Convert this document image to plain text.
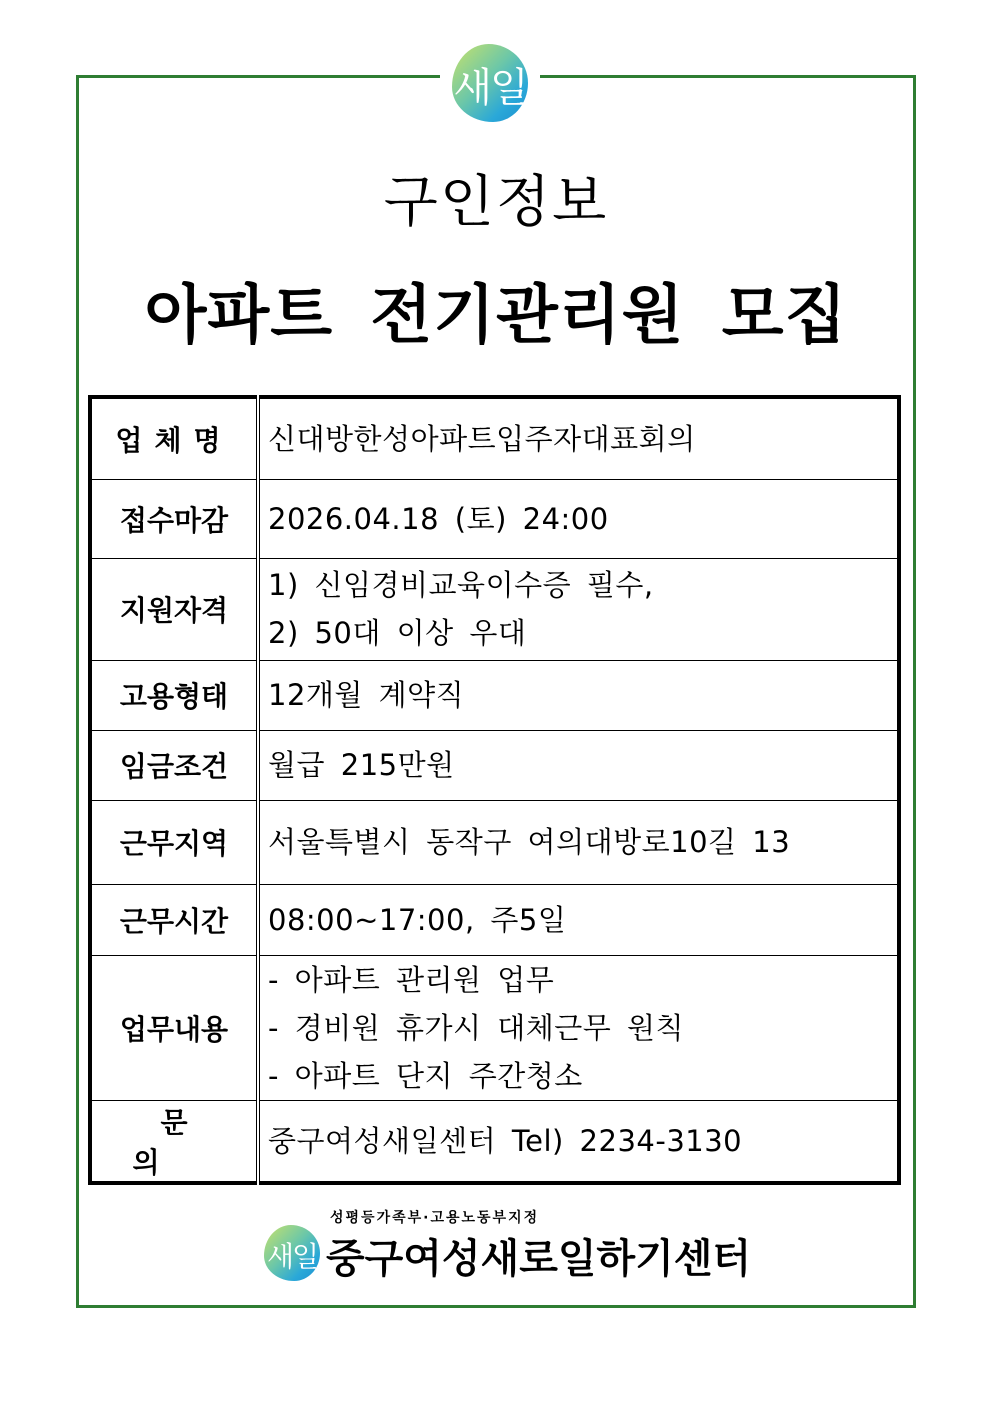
새일
구인정보
아파트 전기관리원 모집
업체명	신대방한성아파트입주자대표회의

접수마감	2026.04.18 (토) 24:00

지원자격	1) 신임경비교육이수증 필수,
2) 50대 이상 우대

고용형태	12개월 계약직

임금조건	월급 215만원

근무지역	서울특별시 동작구 여의대방로10길 13

근무시간	08:00~17:00, 주5일

업무내용	- 아파트 관리원 업무
- 경비원 휴가시 대체근무 원칙
- 아파트 단지 주간청소

문의	중구여성새일센터 Tel) 2234-3130
성평등가족부·고용노동부지정
새일 중구여성새로일하기센터
